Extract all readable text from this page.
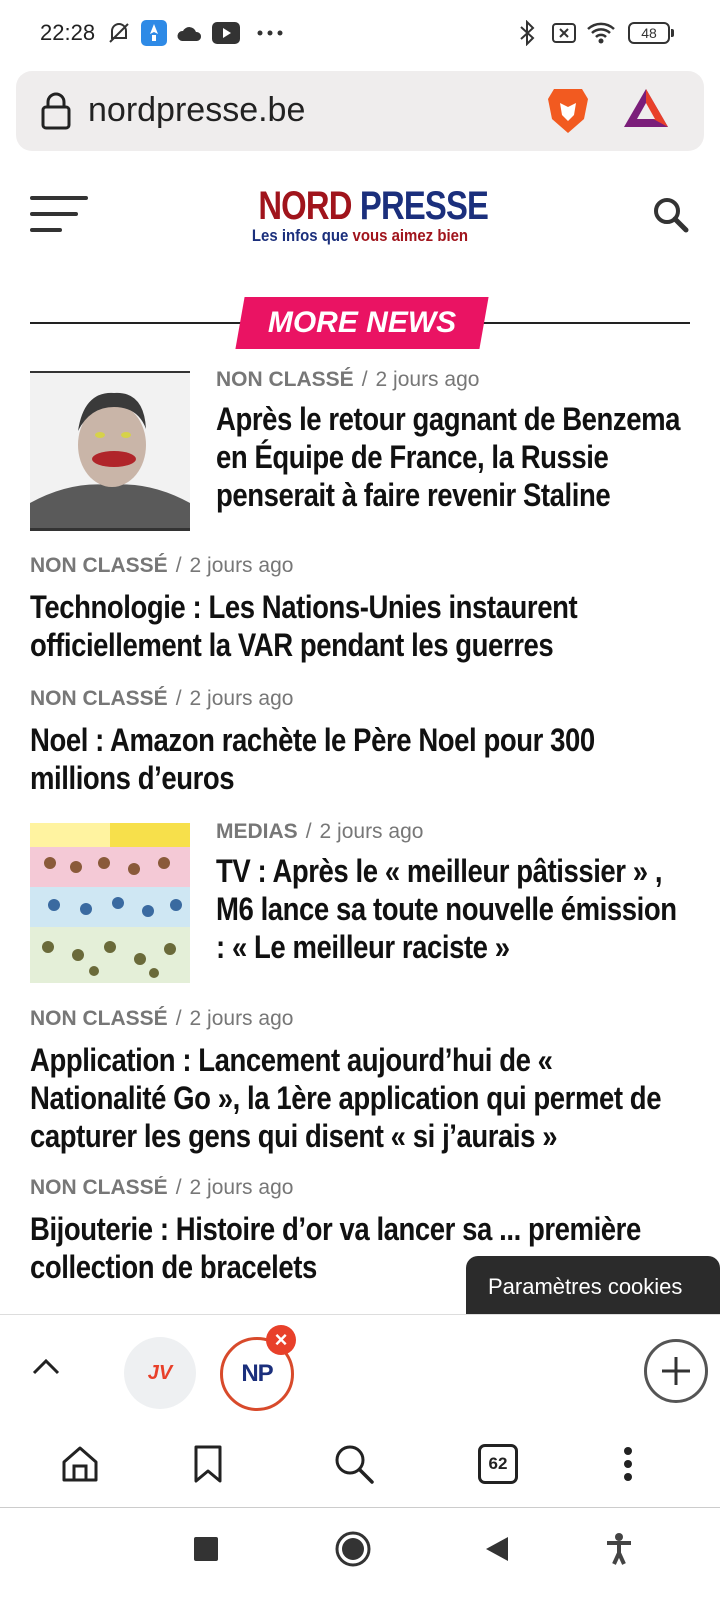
22:28	48
nordpresse.be
NORD PRESSE
Les infos que vous aimez bien
MORE NEWS
NON CLASSÉ / 2 jours ago
Après le retour gagnant de Benzema en Équipe de France, la Russie penserait à faire revenir Staline
NON CLASSÉ / 2 jours ago
Technologie : Les Nations-Unies instaurent officiellement la VAR pendant les guerres
NON CLASSÉ / 2 jours ago
Noel : Amazon rachète le Père Noel pour 300 millions d’euros
MEDIAS / 2 jours ago
TV : Après le « meilleur pâtissier » , M6 lance sa toute nouvelle émission : « Le meilleur raciste »
NON CLASSÉ / 2 jours ago
Application : Lancement aujourd’hui de « Nationalité Go », la 1ère application qui permet de capturer les gens qui disent « si j’aurais »
NON CLASSÉ / 2 jours ago
Bijouterie : Histoire d’or va lancer sa ... première collection de bracelets
Paramètres cookies
JV	NP
×
62
